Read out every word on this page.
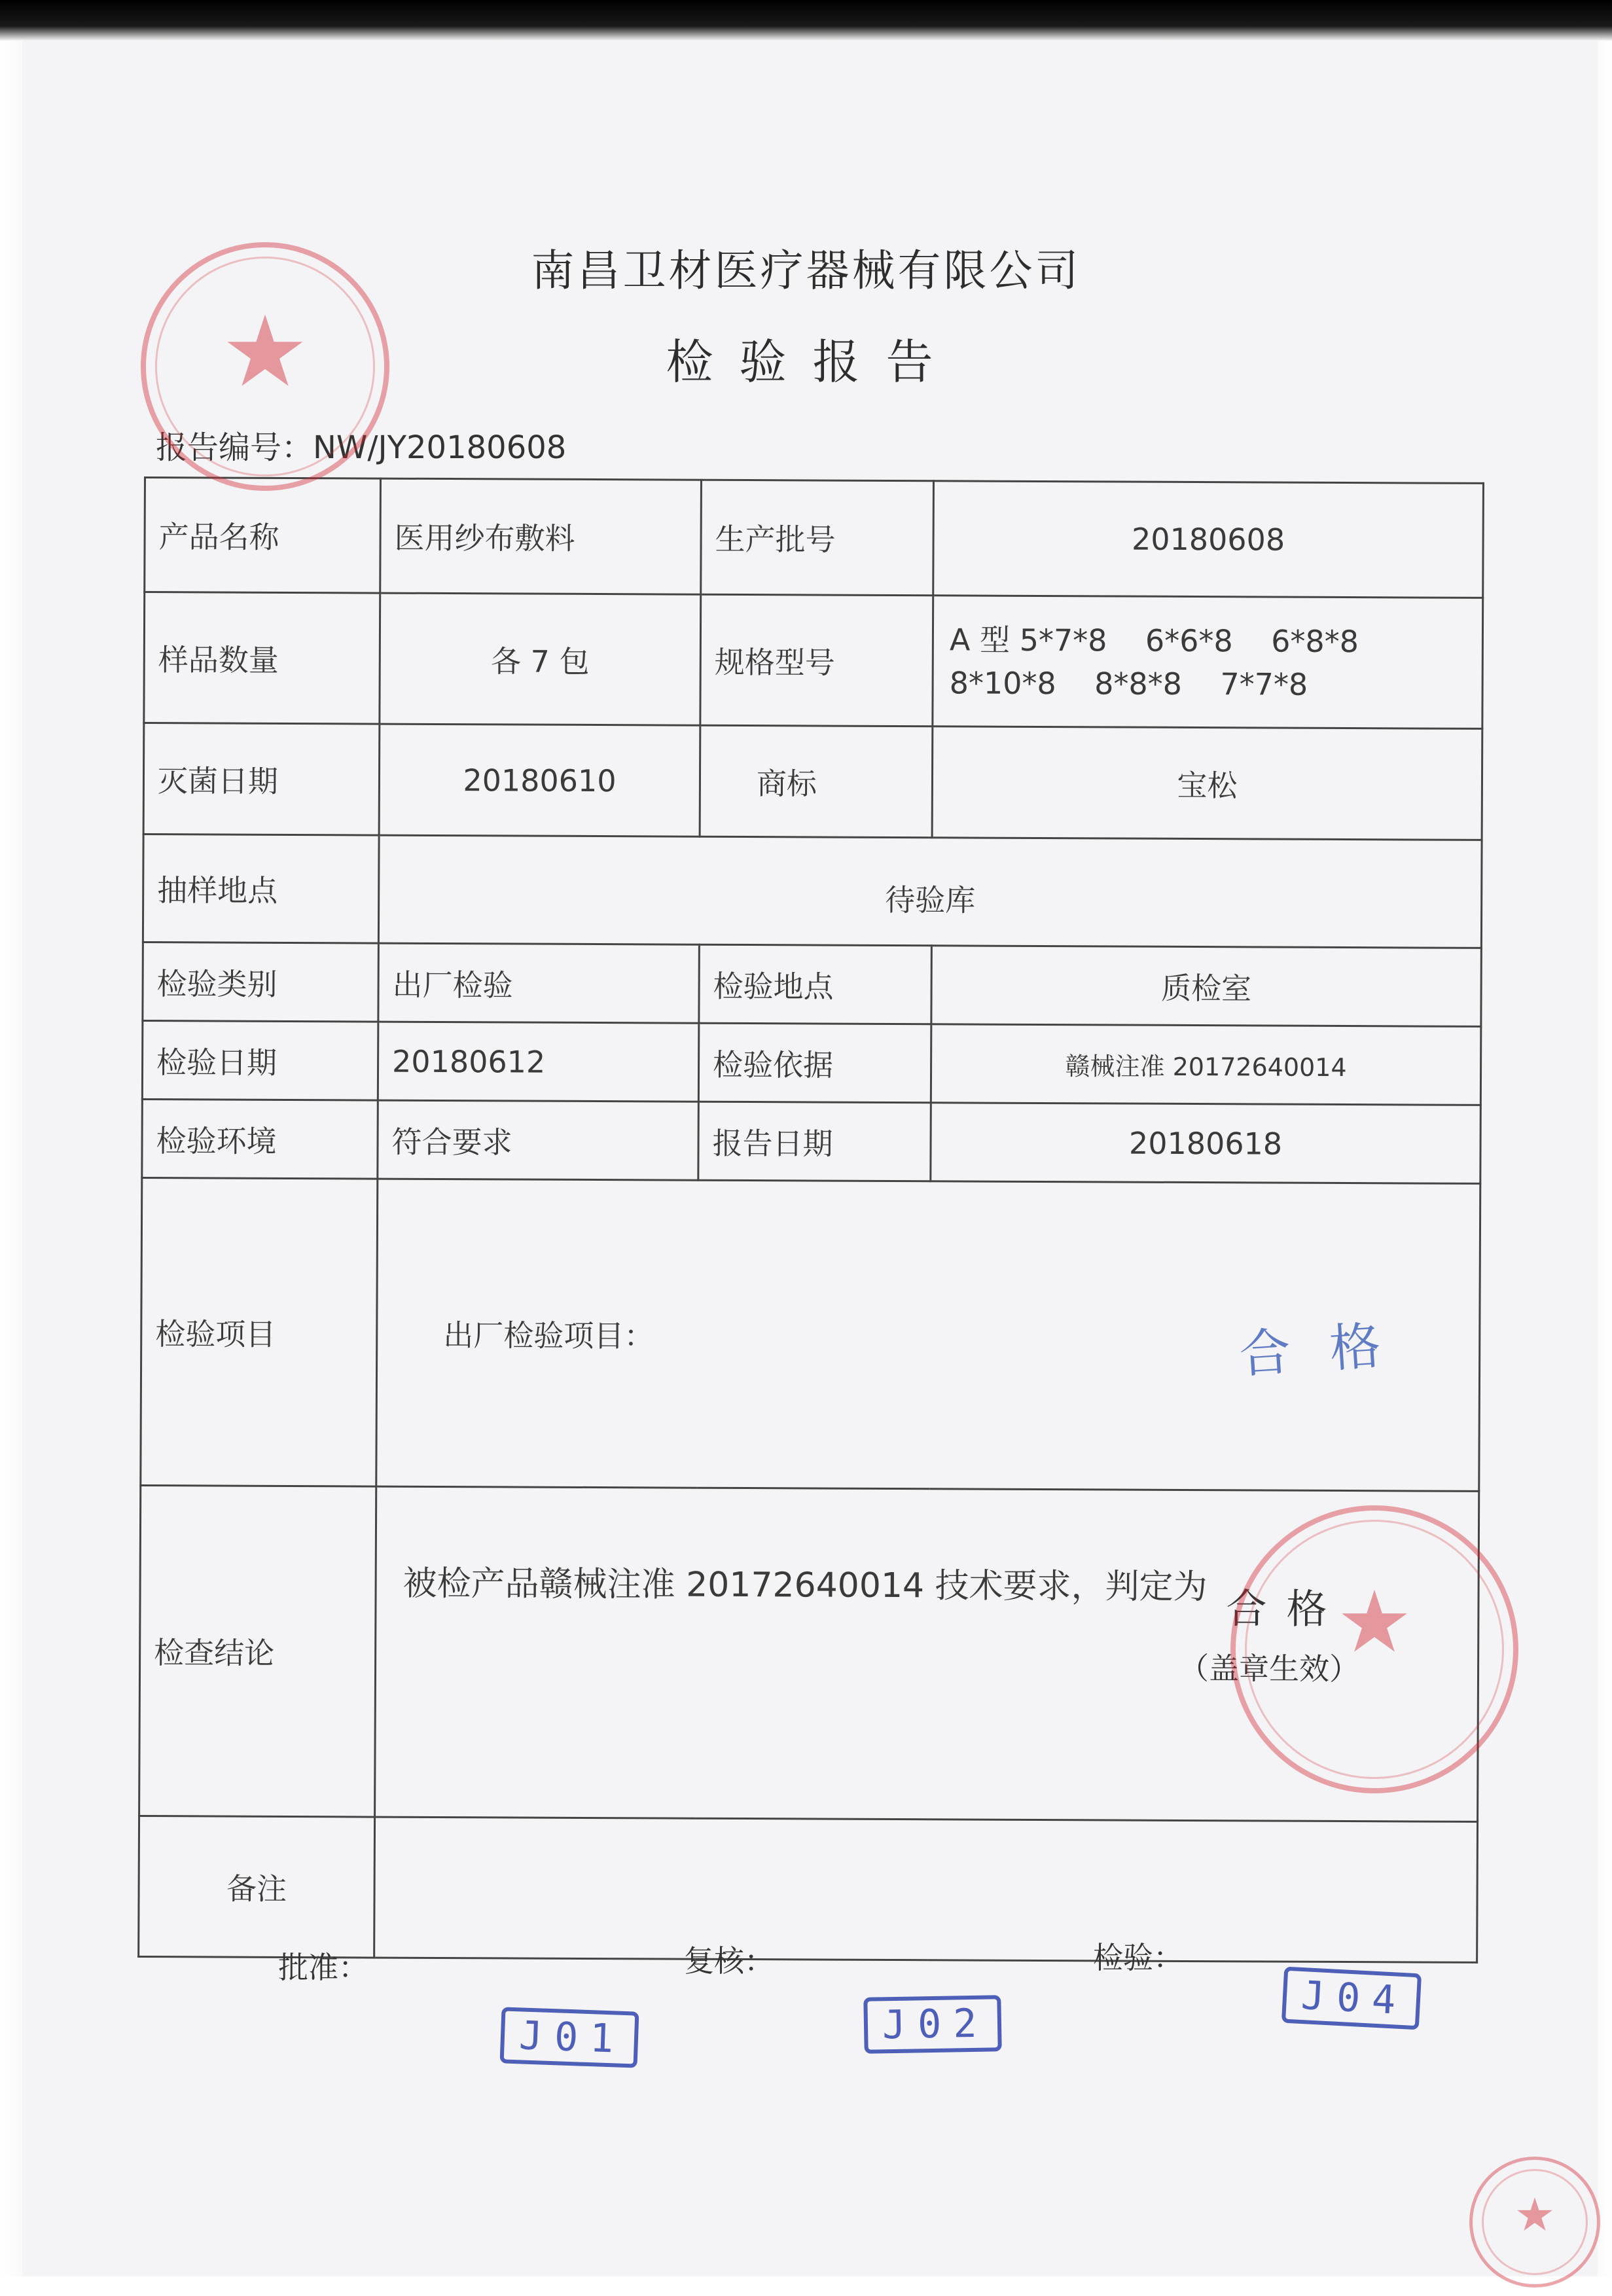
南昌卫材医疗器械有限公司
检验报告
报告编号：NW/JY20180608
产品名称	医用纱布敷料	生产批号	20180608
样品数量	各 7 包	规格型号	A 型 5*7*8    6*6*8    6*8*8
8*10*8    8*8*8    7*7*8

灭菌日期	20180610	商标	宝松
抽样地点	待验库		
检验类别	出厂检验	检验地点	质检室
检验日期	20180612	检验依据	赣械注准 20172640014
检验环境	符合要求	报告日期	20180618
检验项目	出厂检验项目： 合格		

检查结论	被检产品赣械注准 20172640014 技术要求，判定为 合格
（盖章生效）		

备注			
批准：	复核：	检验：
J01	J02
J04
★
★
★
